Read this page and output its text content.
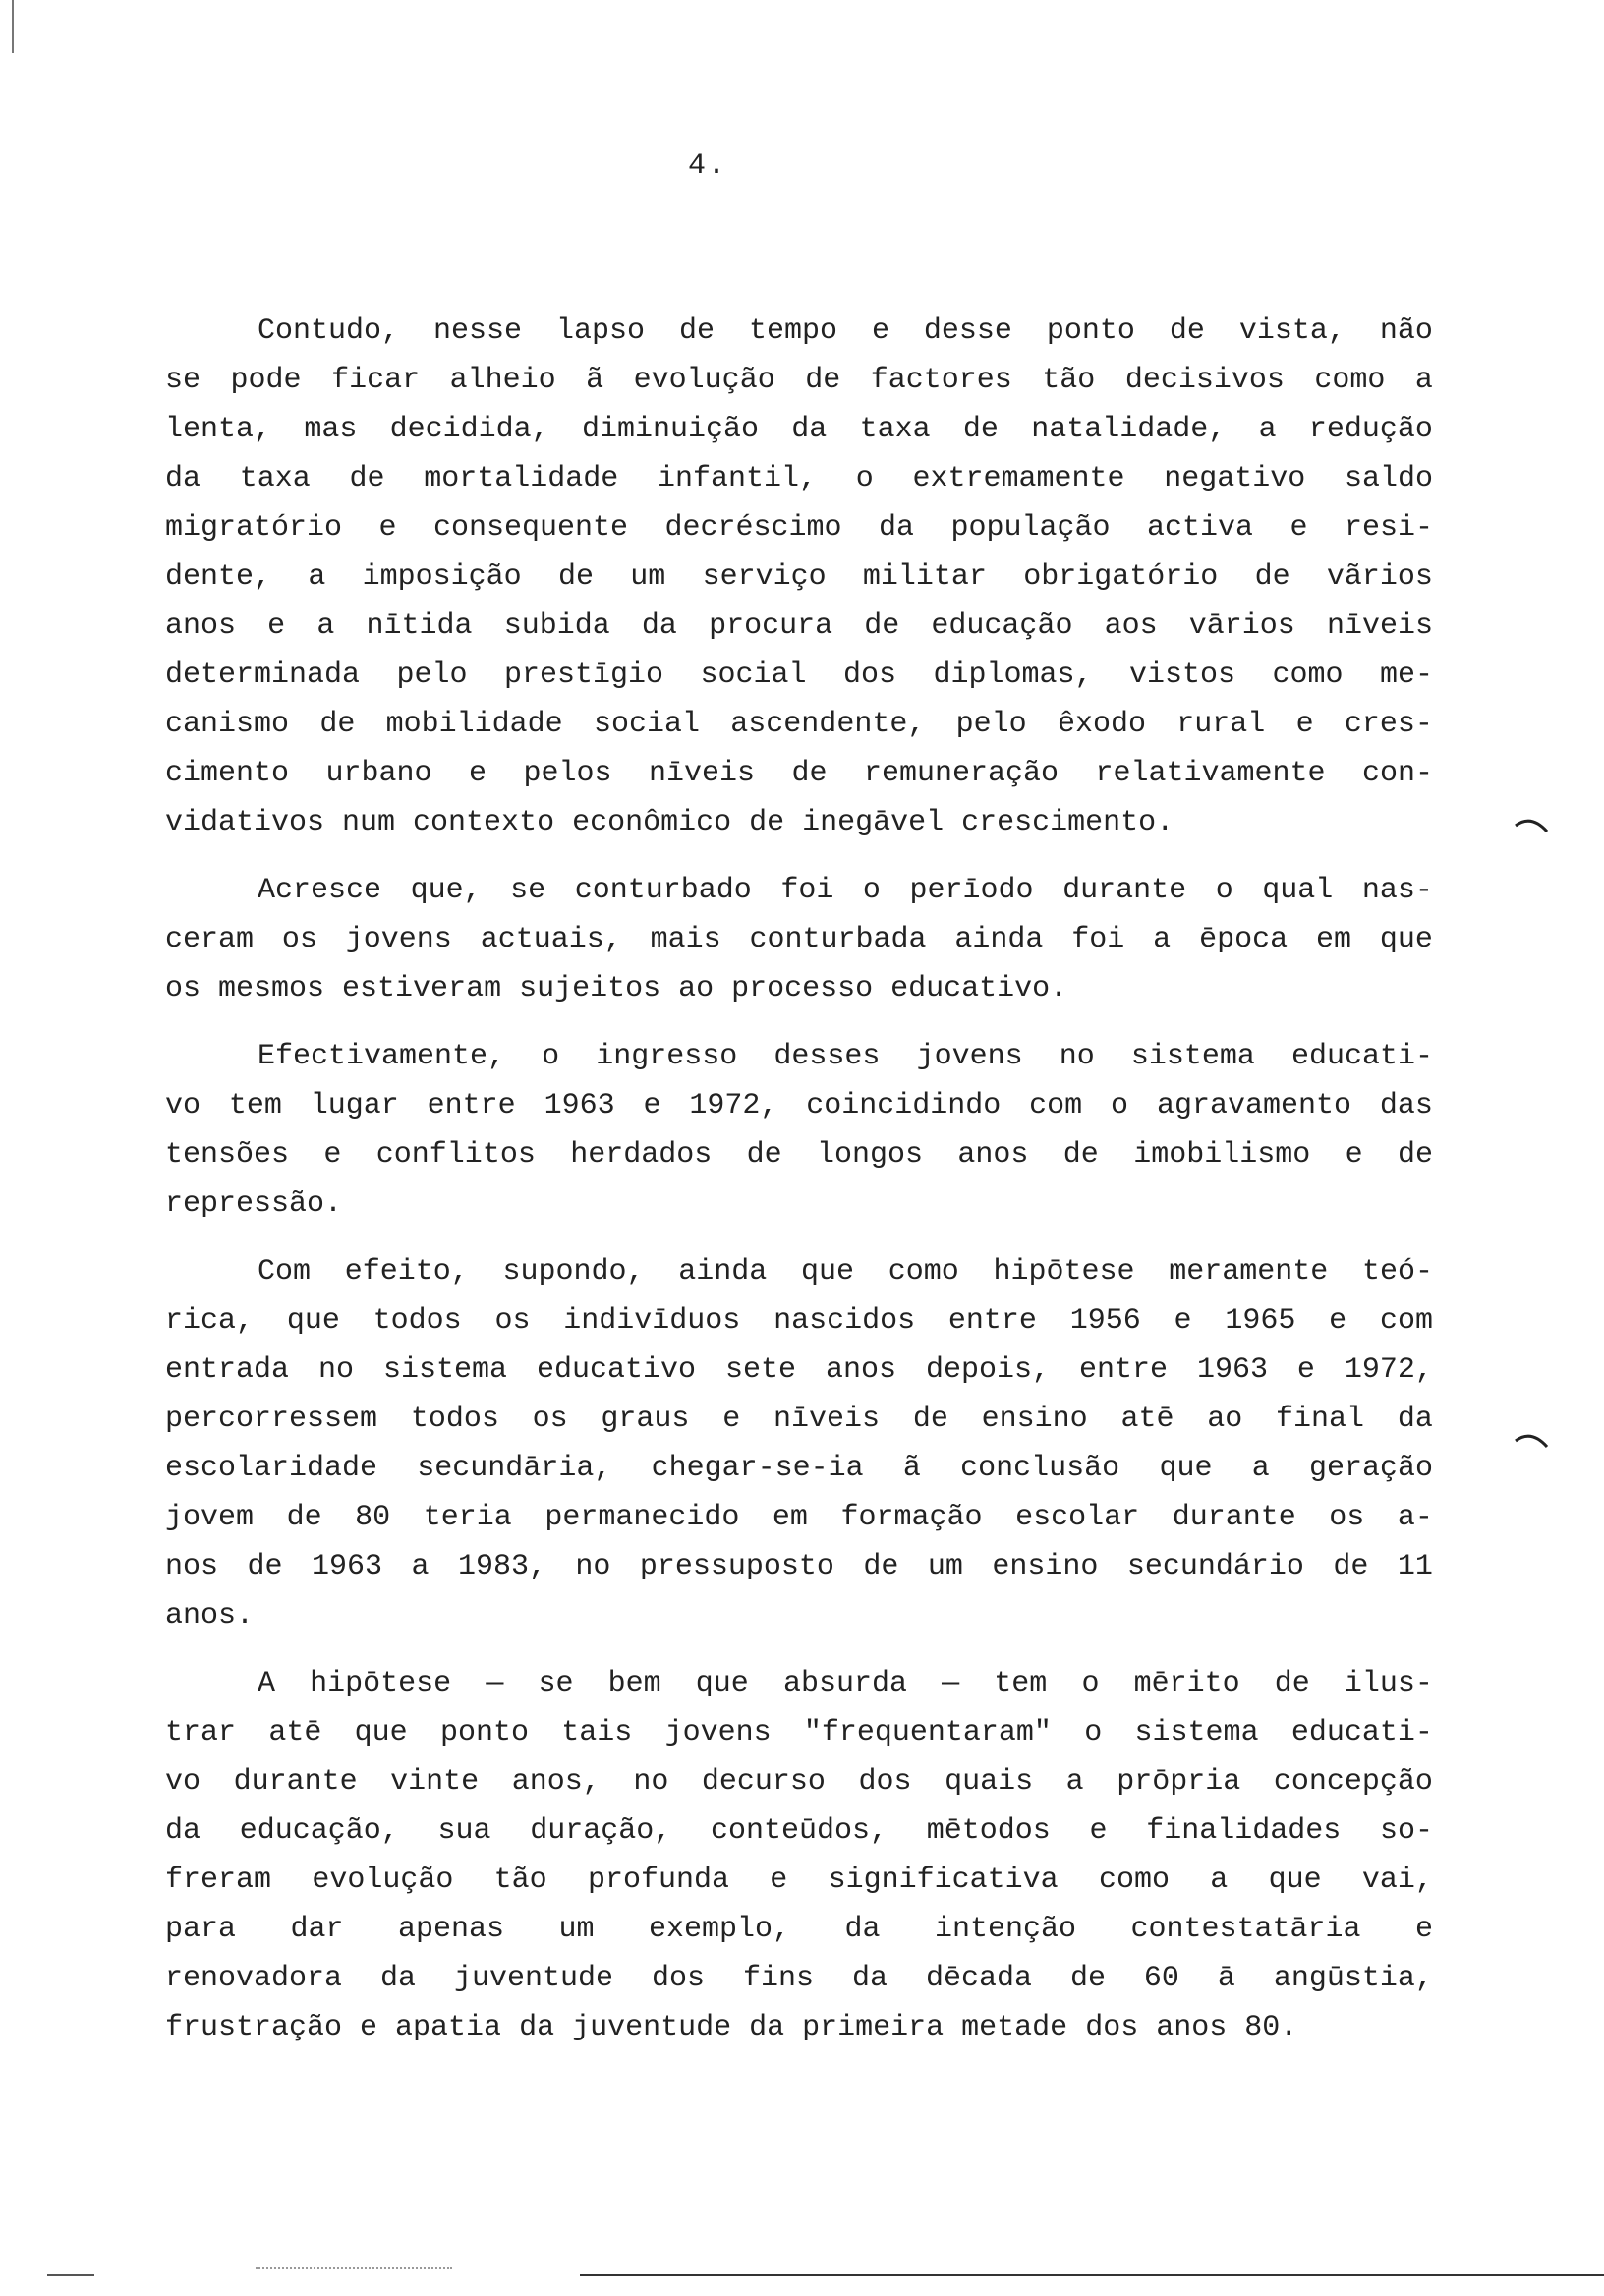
4.
Contudo, nesse lapso de tempo e desse ponto de vista, não
se pode ficar alheio ã evolução de factores tão decisivos como a
lenta, mas decidida, diminuição da taxa de natalidade, a redução
da taxa de mortalidade infantil, o extremamente negativo saldo
migratório e consequente decréscimo da população activa e resi-
dente, a imposição de um serviço militar obrigatório de vãrios
anos e a nītida subida da procura de educação aos vārios nīveis
determinada pelo prestīgio social dos diplomas, vistos como me-
canismo de mobilidade social ascendente, pelo êxodo rural e cres-
cimento urbano e pelos nīveis de remuneração relativamente con-
vidativos num contexto econômico de inegāvel crescimento.
Acresce que, se conturbado foi o perīodo durante o qual nas-
ceram os jovens actuais, mais conturbada ainda foi a ēpoca em que
os mesmos estiveram sujeitos ao processo educativo.
Efectivamente, o ingresso desses jovens no sistema educati-
vo tem lugar entre 1963 e 1972, coincidindo com o agravamento das
tensões e conflitos herdados de longos anos de imobilismo e de
repressão.
Com efeito, supondo, ainda que como hipōtese meramente teó-
rica, que todos os indivīduos nascidos entre 1956 e 1965 e com
entrada no sistema educativo sete anos depois, entre 1963 e 1972,
percorressem todos os graus e nīveis de ensino atē ao final da
escolaridade secundāria, chegar-se-ia ã conclusão que a geração
jovem de 80 teria permanecido em formação escolar durante os a-
nos de 1963 a 1983, no pressuposto de um ensino secundário de 11
anos.
A hipōtese — se bem que absurda — tem o mērito de ilus-
trar atē que ponto tais jovens "frequentaram" o sistema educati-
vo durante vinte anos, no decurso dos quais a prōpria concepção
da educação, sua duração, conteūdos, mētodos e finalidades so-
freram evolução tão profunda e significativa como a que vai,
para dar apenas um exemplo, da intenção contestatāria e
renovadora da juventude dos fins da dēcada de 60 ā angūstia,
frustração e apatia da juventude da primeira metade dos anos 80.
